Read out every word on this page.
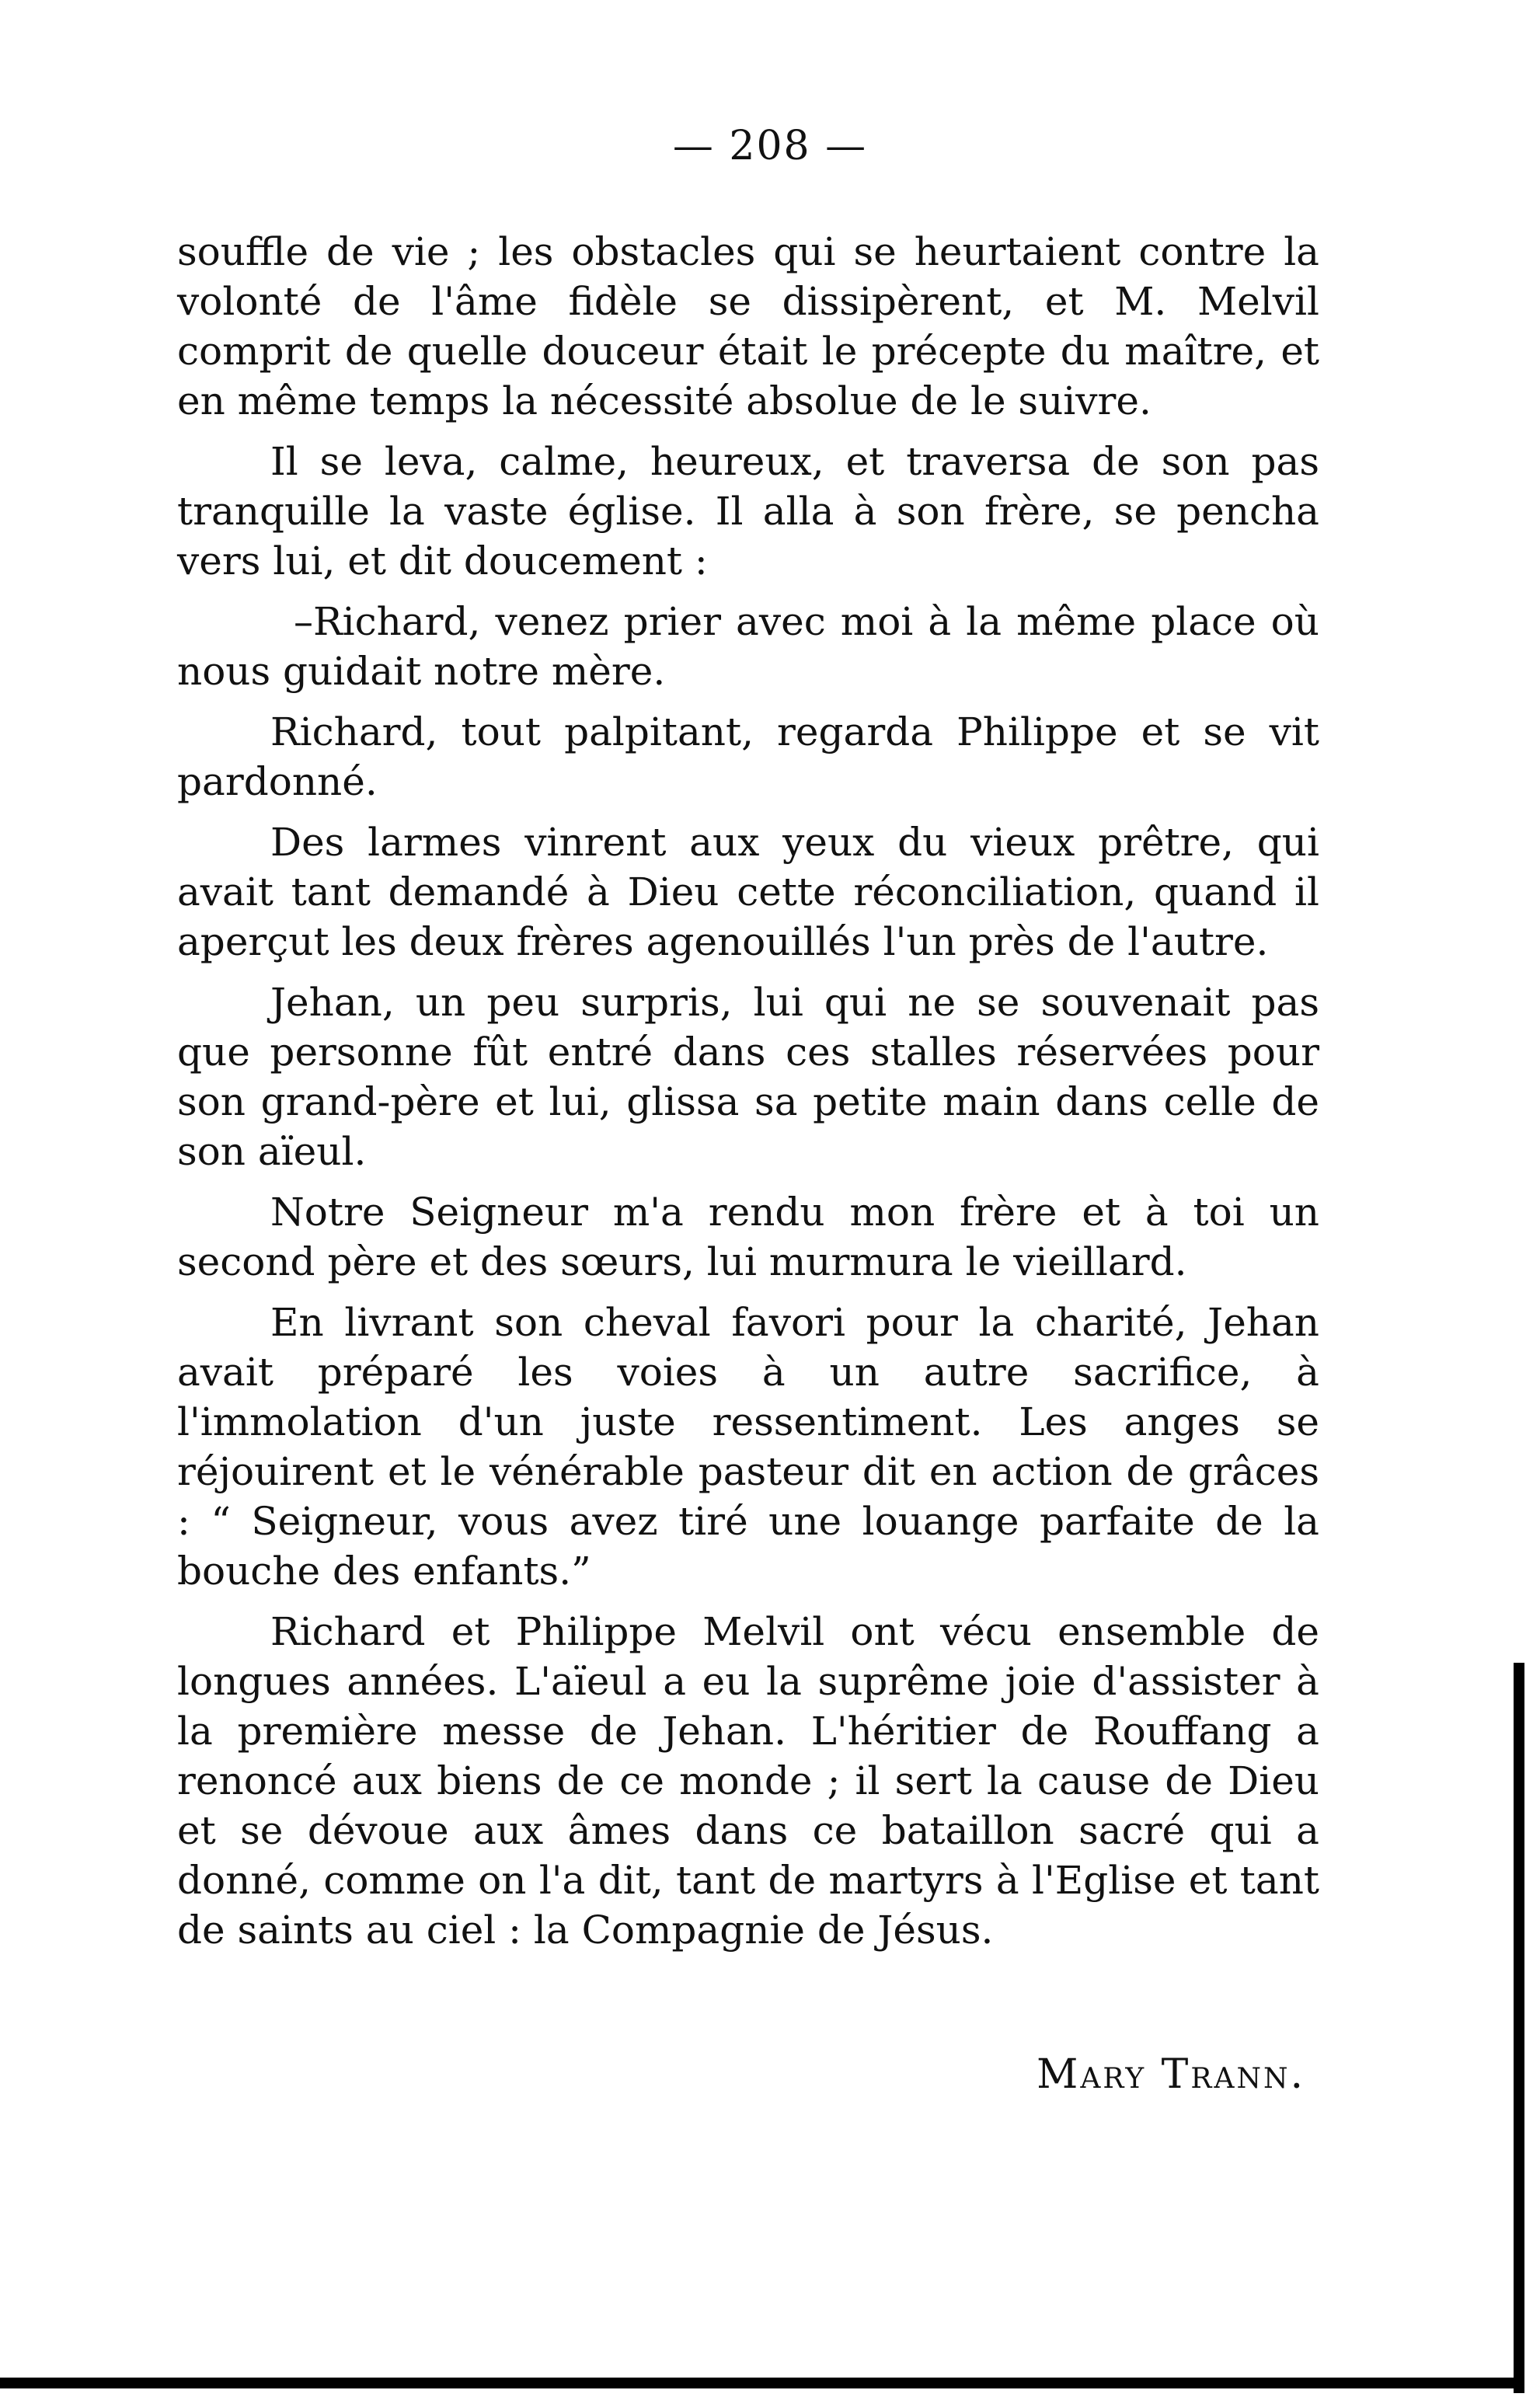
— 208 —

souffle de vie ; les obstacles qui se heurtaient contre la volonté de l'âme fidèle se dissipèrent, et M. Melvil comprit de quelle douceur était le précepte du maître, et en même temps la nécessité absolue de le suivre.

Il se leva, calme, heureux, et traversa de son pas tranquille la vaste église. Il alla à son frère, se pencha vers lui, et dit doucement :

–Richard, venez prier avec moi à la même place où nous guidait notre mère.

Richard, tout palpitant, regarda Philippe et se vit pardonné.

Des larmes vinrent aux yeux du vieux prêtre, qui avait tant demandé à Dieu cette réconciliation, quand il aperçut les deux frères agenouillés l'un près de l'autre.

Jehan, un peu surpris, lui qui ne se souvenait pas que personne fût entré dans ces stalles réservées pour son grand-père et lui, glissa sa petite main dans celle de son aïeul.

Notre Seigneur m'a rendu mon frère et à toi un second père et des sœurs, lui murmura le vieillard.

En livrant son cheval favori pour la charité, Jehan avait préparé les voies à un autre sacrifice, à l'immolation d'un juste ressentiment. Les anges se réjouirent et le vénérable pasteur dit en action de grâces : “ Seigneur, vous avez tiré une louange parfaite de la bouche des enfants.”

Richard et Philippe Melvil ont vécu ensemble de longues années. L'aïeul a eu la suprême joie d'assister à la première messe de Jehan. L'héritier de Rouffang a renoncé aux biens de ce monde ; il sert la cause de Dieu et se dévoue aux âmes dans ce bataillon sacré qui a donné, comme on l'a dit, tant de martyrs à l'Eglise et tant de saints au ciel : la Compagnie de Jésus.

Mary Trann.
